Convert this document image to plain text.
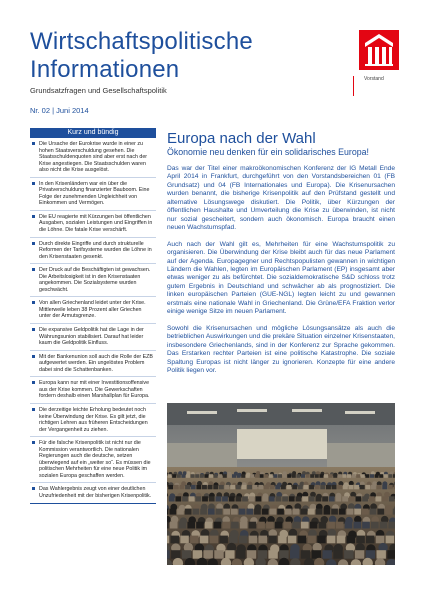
Wirtschaftspolitische
Informationen
Grundsatzfragen und Gesellschaftspolitik
Nr. 02 | Juni 2014
Vorstand
Kurz und bündig
Die Ursache der Eurokrise wurde in einer zu hohen Staatsverschuldung gesehen. Die Staatsschuldenquoten sind aber erst nach der Krise angestiegen. Die Staatsschulden waren also nicht die Krise ausgelöst.
In den Krisenländern war ein über die Privatverschuldung finanzierter Bauboom. Eine Folge der zunehmenden Ungleichheit von Einkommen und Vermögen.
Die EU reagierte mit Kürzungen bei öffentlichen Ausgaben, sozialen Leistungen und Eingriffen in die Löhne. Die fatale Krise verschärft.
Durch direkte Eingriffe und durch strukturelle Reformen der Tarifsysteme wurden die Löhne in den Krisenstaaten gesenkt.
Der Druck auf die Beschäftigten ist gewachsen. Die Arbeitslosigkeit ist in den Krisenstaaten angekommen. Die Sozialsysteme wurden geschwächt.
Von allen Griechenland leidet unter der Krise. Mittlerweile leben 38 Prozent aller Griechen unter der Armutsgrenze.
Die expansive Geldpolitik hat die Lage in der Währungsunion stabilisiert. Darauf hat leider kaum die Geldpolitik Einfluss.
Mit der Bankenunion soll auch die Rolle der EZB aufgewertet werden. Ein ungelöstes Problem dabei sind die Schattenbanken.
Europa kann nur mit einer Investitionsoffensive aus der Krise kommen. Die Gewerkschaften fordern deshalb einen Marshallplan für Europa.
Die derzeitige leichte Erholung bedeutet noch keine Überwindung der Krise. Es gilt jetzt, die richtigen Lehren aus früheren Entscheidungen der Vergangenheit zu ziehen.
Für die falsche Krisenpolitik ist nicht nur die Kommission verantwortlich. Die nationalen Regierungen auch die deutsche, setzen überwiegend auf ein „weiter so“. Es müssen die politischen Mehrheiten für eine neue Politik im sozialen Europa geschaffen werden.
Das Wahlergebnis zeugt von einer deutlichen Unzufriedenheit mit der bisherigen Krisenpolitik.
Europa nach der Wahl
Ökonomie neu denken für ein solidarisches Europa!

Das war der Titel einer makroökonomischen Konferenz der IG Metall Ende April 2014 in Frankfurt, durchgeführt von den Vorstandsbereichen 01 (FB Grundsatz) und 04 (FB Internationales und Europa). Die Krisenursachen wurden benannt, die bisherige Krisenpolitik auf den Prüfstand gestellt und alternative Lösungswege diskutiert. Die Politik, über Kürzungen der öffentlichen Haushalte und Umverteilung die Krise zu überwinden, ist nicht nur sozial gescheitert, sondern auch ökonomisch. Europa braucht einen neuen Wachstumspfad.

Auch nach der Wahl gilt es, Mehrheiten für eine Wachstumspolitik zu organisieren. Die Überwindung der Krise bleibt auch für das neue Parlament auf der Agenda. Europagegner und Rechtspopulisten gewannen in wichtigen Ländern die Wahlen, legten im Europäischen Parlament (EP) insgesamt aber etwas weniger zu als befürchtet. Die sozialdemokratische S&D schloss trotz gutem Ergebnis in Deutschland und schwächer ab als prognostiziert. Die linken europäischen Parteien (GUE-NGL) legten leicht zu und gewannen erstmals eine nationale Wahl in Griechenland. Die Grüne/EFA Fraktion verlor einige wenige Sitze im neuen Parlament.

Sowohl die Krisenursachen und mögliche Lösungsansätze als auch die betrieblichen Auswirkungen und die prekäre Situation einzelner Krisenstaaten, insbesondere Griechenlands, sind in der Konferenz zur Sprache gekommen. Das Erstarken rechter Parteien ist eine politische Katastrophe. Die soziale Spaltung Europas ist nicht länger zu ignorieren. Konzepte für eine andere Politik liegen vor.
